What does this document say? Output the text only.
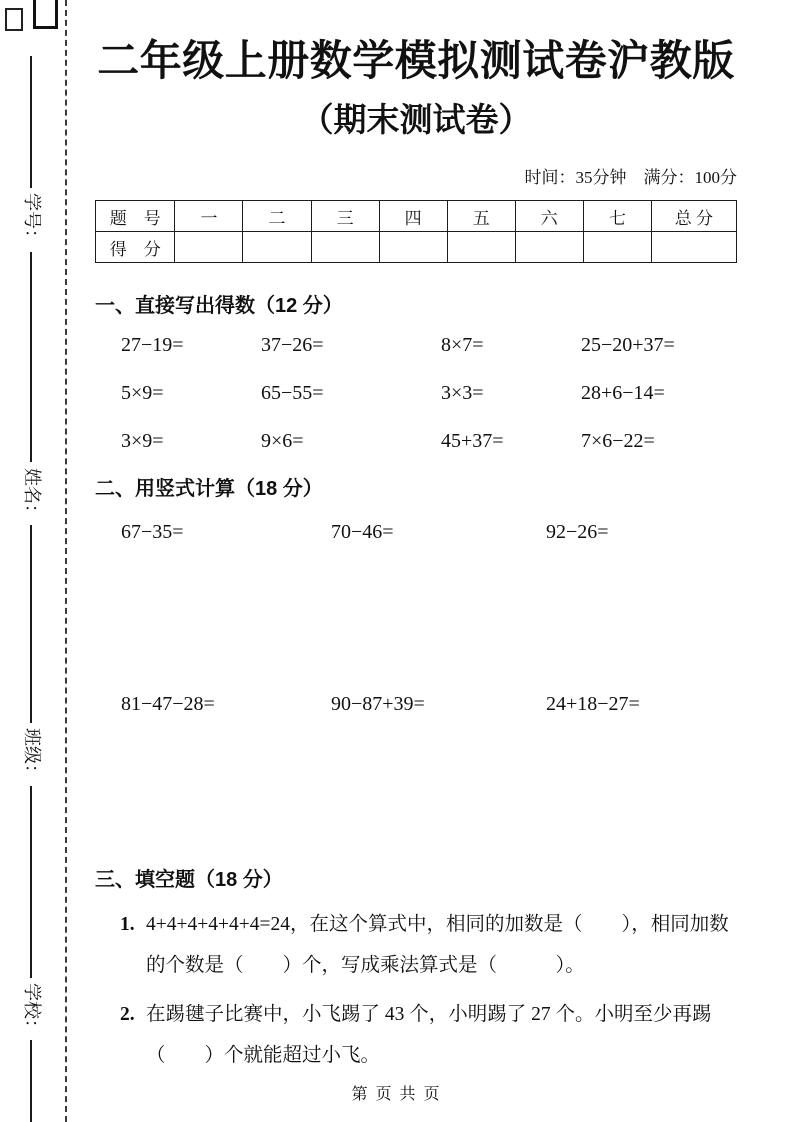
学号：
姓名：
班级：
学校：
二年级上册数学模拟测试卷沪教版
（期末测试卷）
时间：35分钟　满分：100分
题　号	一	二	三	四	五	六	七	总 分
得　分								
一、直接写出得数（12 分）
27−19=	37−26=	8×7=	25−20+37=
5×9=	65−55=	3×3=	28+6−14=
3×9=	9×6=	45+37=	7×6−22=
二、用竖式计算（18 分）
67−35=	70−46=	92−26=
81−47−28=	90−87+39=	24+18−27=
三、填空题（18 分）
1. 4+4+4+4+4+4=24，在这个算式中，相同的加数是（　　），相同加数的个数是（　　）个，写成乘法算式是（　　　）。
2. 在踢毽子比赛中，小飞踢了 43 个，小明踢了 27 个。小明至少再踢（　　）个就能超过小飞。
第 页 共 页
